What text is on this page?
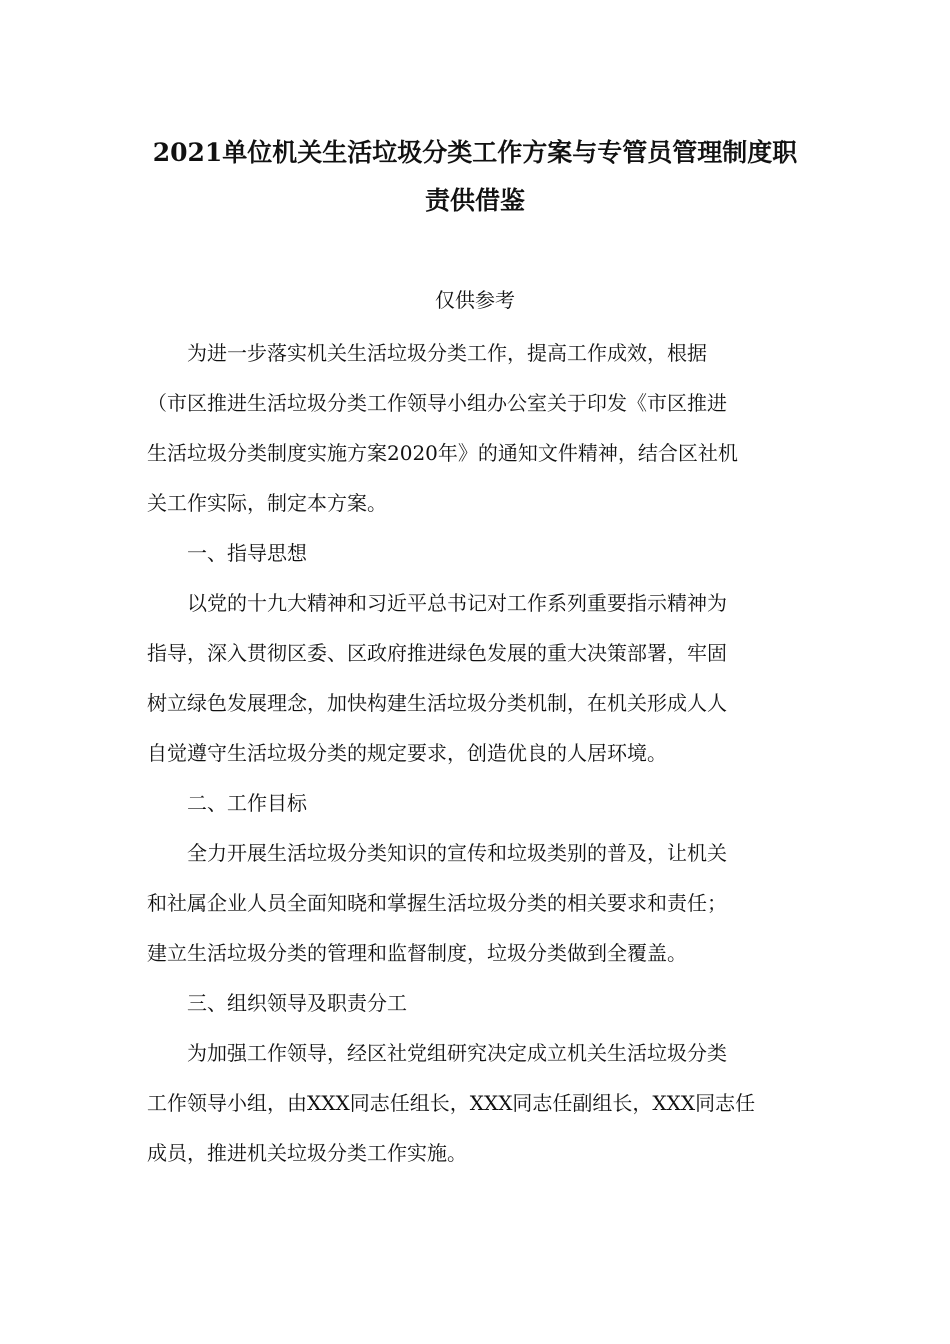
2021单位机关生活垃圾分类工作方案与专管员管理制度职
责供借鉴

仅供参考

　　为进一步落实机关生活垃圾分类工作，提高工作成效，根据

（市区推进生活垃圾分类工作领导小组办公室关于印发《市区推进

生活垃圾分类制度实施方案2020年》的通知文件精神，结合区社机

关工作实际，制定本方案。

　　一、指导思想

　　以党的十九大精神和习近平总书记对工作系列重要指示精神为

指导，深入贯彻区委、区政府推进绿色发展的重大决策部署，牢固

树立绿色发展理念，加快构建生活垃圾分类机制，在机关形成人人

自觉遵守生活垃圾分类的规定要求，创造优良的人居环境。

　　二、工作目标

　　全力开展生活垃圾分类知识的宣传和垃圾类别的普及，让机关

和社属企业人员全面知晓和掌握生活垃圾分类的相关要求和责任；

建立生活垃圾分类的管理和监督制度，垃圾分类做到全覆盖。

　　三、组织领导及职责分工

　　为加强工作领导，经区社党组研究决定成立机关生活垃圾分类

工作领导小组，由XXX同志任组长，XXX同志任副组长，XXX同志任

成员，推进机关垃圾分类工作实施。
